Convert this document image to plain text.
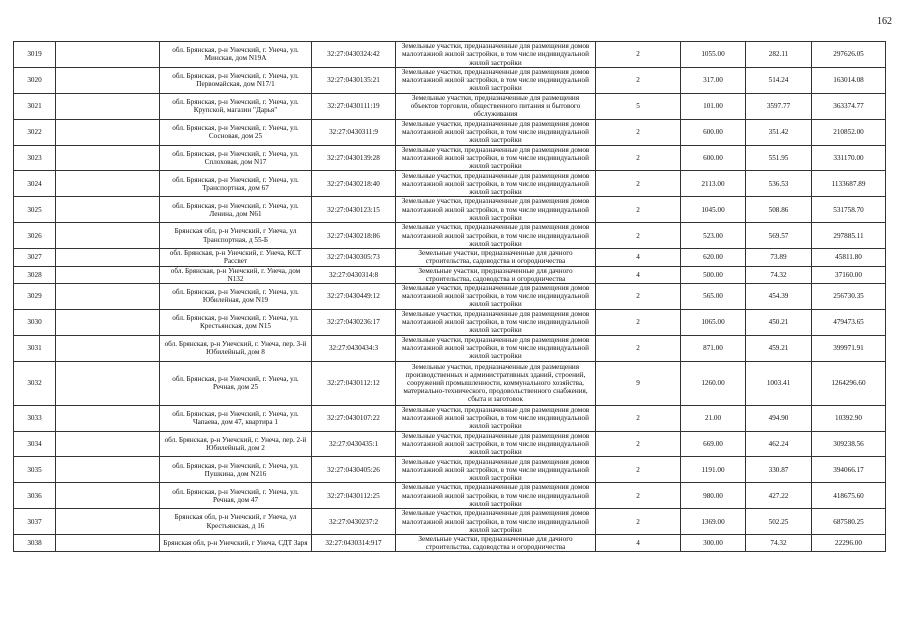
162
3019		обл. Брянская, р-н Унечский, г. Унеча, ул. Минская, дом N19А	32:27:0430324:42	Земельные участки, предназначенные для размещения домов малоэтажной жилой застройки, в том числе индивидуальной жилой застройки	2	1055.00	282.11	297626.05
3020		обл. Брянская, р-н Унечский, г. Унеча, ул. Первомайская, дом N17/1	32:27:0430135:21	Земельные участки, предназначенные для размещения домов малоэтажной жилой застройки, в том числе индивидуальной жилой застройки	2	317.00	514.24	163014.08
3021		обл. Брянская, р-н Унечский, г. Унеча, ул. Крупской, магазин "Дарья"	32:27:0430111:19	Земельные участки, предназначенные для размещения объектов торговли, общественного питания и бытового обслуживания	5	101.00	3597.77	363374.77
3022		обл. Брянская, р-н Унечский, г. Унеча, ул. Сосновая, дом 25	32:27:0430311:9	Земельные участки, предназначенные для размещения домов малоэтажной жилой застройки, в том числе индивидуальной жилой застройки	2	600.00	351.42	210852.00
3023		обл. Брянская, р-н Унечский, г. Унеча, ул. Сплоховая, дом N17	32:27:0430139:28	Земельные участки, предназначенные для размещения домов малоэтажной жилой застройки, в том числе индивидуальной жилой застройки	2	600.00	551.95	331170.00
3024		обл. Брянская, р-н Унечский, г. Унеча, ул. Транспортная, дом 67	32:27:0430218:40	Земельные участки, предназначенные для размещения домов малоэтажной жилой застройки, в том числе индивидуальной жилой застройки	2	2113.00	536.53	1133687.89
3025		обл. Брянская, р-н Унечский, г. Унеча, ул. Ленина, дом N61	32:27:0430123:15	Земельные участки, предназначенные для размещения домов малоэтажной жилой застройки, в том числе индивидуальной жилой застройки	2	1045.00	508.86	531758.70
3026		Брянская обл, р-н Унечский, г Унеча, ул Транспортная, д 55-Б	32:27:0430218:86	Земельные участки, предназначенные для размещения домов малоэтажной жилой застройки, в том числе индивидуальной жилой застройки	2	523.00	569.57	297885.11
3027		обл. Брянская, р-н Унечский, г. Унеча, КСТ Рассвет	32:27:0430305:73	Земельные участки, предназначенные для дачного строительства, садоводства и огородничества	4	620.00	73.89	45811.80
3028		обл. Брянская, р-н Унечский, г. Унеча, дом N132	32:27:0430314:8	Земельные участки, предназначенные для дачного строительства, садоводства и огородничества	4	500.00	74.32	37160.00
3029		обл. Брянская, р-н Унечский, г. Унеча, ул. Юбилейная, дом N19	32:27:0430449:12	Земельные участки, предназначенные для размещения домов малоэтажной жилой застройки, в том числе индивидуальной жилой застройки	2	565.00	454.39	256730.35
3030		обл. Брянская, р-н Унечский, г. Унеча, ул. Крестьянская, дом N15	32:27:0430236:17	Земельные участки, предназначенные для размещения домов малоэтажной жилой застройки, в том числе индивидуальной жилой застройки	2	1065.00	450.21	479473.65
3031		обл. Брянская, р-н Унечский, г. Унеча, пер. 3-й Юбилейный, дом 8	32:27:0430434:3	Земельные участки, предназначенные для размещения домов малоэтажной жилой застройки, в том числе индивидуальной жилой застройки	2	871.00	459.21	399971.91
3032		обл. Брянская, р-н Унечский, г. Унеча, ул. Речная, дом 25	32:27:0430112:12	Земельные участки, предназначенные для размещения производственных и административных зданий, строений, сооружений промышленности, коммунального хозяйства, материально-технического, продовольственного снабжения, сбыта и заготовок	9	1260.00	1003.41	1264296.60
3033		обл. Брянская, р-н Унечский, г. Унеча, ул. Чапаева, дом 47, квартира 1	32:27:0430107:22	Земельные участки, предназначенные для размещения домов малоэтажной жилой застройки, в том числе индивидуальной жилой застройки	2	21.00	494.90	10392.90
3034		обл. Брянская, р-н Унечский, г. Унеча, пер. 2-й Юбилейный, дом 2	32:27:0430435:1	Земельные участки, предназначенные для размещения домов малоэтажной жилой застройки, в том числе индивидуальной жилой застройки	2	669.00	462.24	309238.56
3035		обл. Брянская, р-н Унечский, г. Унеча, ул. Пушкина, дом N216	32:27:0430405:26	Земельные участки, предназначенные для размещения домов малоэтажной жилой застройки, в том числе индивидуальной жилой застройки	2	1191.00	330.87	394066.17
3036		обл. Брянская, р-н Унечский, г. Унеча, ул. Речная, дом 47	32:27:0430112:25	Земельные участки, предназначенные для размещения домов малоэтажной жилой застройки, в том числе индивидуальной жилой застройки	2	980.00	427.22	418675.60
3037		Брянская обл, р-н Унечский, г Унеча, ул Крестьянская, д 16	32:27:0430237:2	Земельные участки, предназначенные для размещения домов малоэтажной жилой застройки, в том числе индивидуальной жилой застройки	2	1369.00	502.25	687580.25
3038		Брянская обл, р-н Унечский, г Унеча, СДТ Заря	32:27:0430314:917	Земельные участки, предназначенные для дачного строительства, садоводства и огородничества	4	300.00	74.32	22296.00
